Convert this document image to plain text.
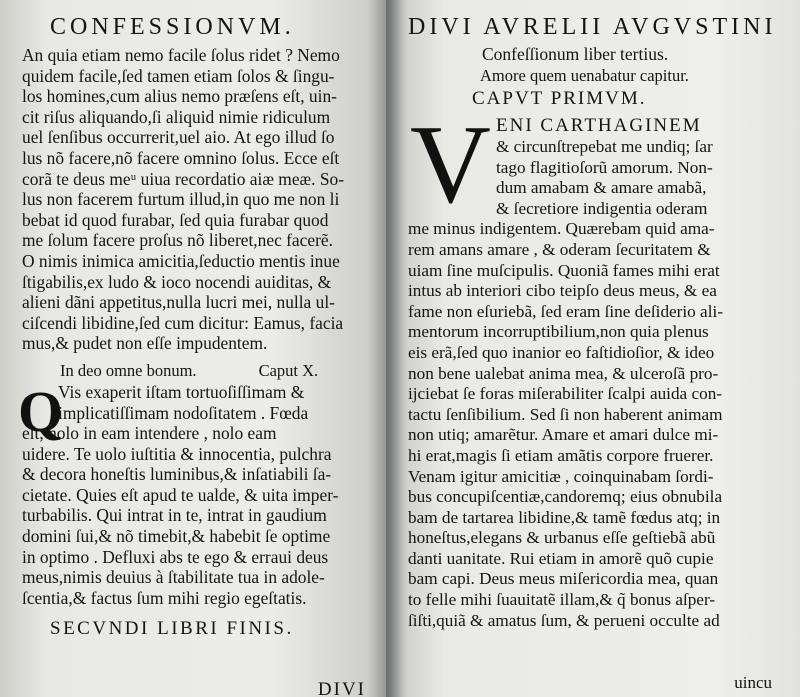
CONFESSIONVM.
An quia etiam nemo facile ſolus ridet ? Nemo
quidem facile,ſed tamen etiam ſolos & ſingu-
los homines,cum alius nemo præſens eſt, uin-
cit riſus aliquando,ſi aliquid nimie ridiculum
uel ſenſibus occurrerit,uel aio. At ego illud ſo
lus nõ facere,nõ facere omnino ſolus. Ecce eſt
corã te deus meᵘ uiua recordatio aiæ meæ. So-
lus non facerem furtum illud,in quo me non li
bebat id quod furabar, ſed quia furabar quod
me ſolum facere proſus nõ liberet,nec facerẽ.
O nimis inimica amicitia,ſeductio mentis inue
ſtigabilis,ex ludo & ioco nocendi auiditas, &
alieni dãni appetitus,nulla lucri mei, nulla ul-
ciſcendi libidine,ſed cum dicitur: Eamus, facia
mus,& pudet non eſſe impudentem.
In deo omne bonum.	Caput X.
Q
Vis exaperit iſtam tortuoſiſſimam &
implicatiſſimam nodoſitatem . Fœda
eſt, nolo in eam intendere , nolo eam
uidere. Te uolo iuſtitia & innocentia, pulchra
& decora honeſtis luminibus,& inſatiabili ſa-
cietate. Quies eſt apud te ualde, & uita imper-
turbabilis. Qui intrat in te, intrat in gaudium
domini ſui,& nõ timebit,& habebit ſe optime
in optimo . Defluxi abs te ego & erraui deus
meus,nimis deuius à ſtabilitate tua in adole-
ſcentia,& factus ſum mihi regio egeſtatis.
SECVNDI LIBRI FINIS.
DIVI
DIVI AVRELII AVGVSTINI
Confeſſionum liber tertius.
Amore quem uenabatur capitur.
CAPVT PRIMVM.
V ENI CARTHAGINEM
& circunſtrepebat me undiq; ſar
tago flagitioſorũ amorum. Non-
dum amabam & amare amabã,
& ſecretiore indigentia oderam
me minus indigentem. Quærebam quid ama-
rem amans amare , & oderam ſecuritatem &
uiam ſine muſcipulis. Quoniã fames mihi erat
intus ab interiori cibo teipſo deus meus, & ea
fame non eſuriebã, ſed eram ſine deſiderio ali-
mentorum incorruptibilium,non quia plenus
eis erã,ſed quo inanior eo faſtidioſior, & ideo
non bene ualebat anima mea, & ulceroſã pro-
ijciebat ſe foras miſerabiliter ſcalpi auida con-
tactu ſenſibilium. Sed ſi non haberent animam
non utiq; amarẽtur. Amare et amari dulce mi-
hi erat,magis ſi etiam amãtis corpore fruerer.
Venam igitur amicitiæ , coinquinabam ſordi-
bus concupiſcentiæ,candoremq; eius obnubila
bam de tartarea libidine,& tamẽ fœdus atq; in
honeſtus,elegans & urbanus eſſe geſtiebã abũ
danti uanitate. Rui etiam in amorẽ quõ cupie
bam capi. Deus meus miſericordia mea, quan
to felle mihi ſuauitatẽ illam,& q̃ bonus aſper-
ſiſti,quiã & amatus ſum, & perueni occulte ad
uincu
